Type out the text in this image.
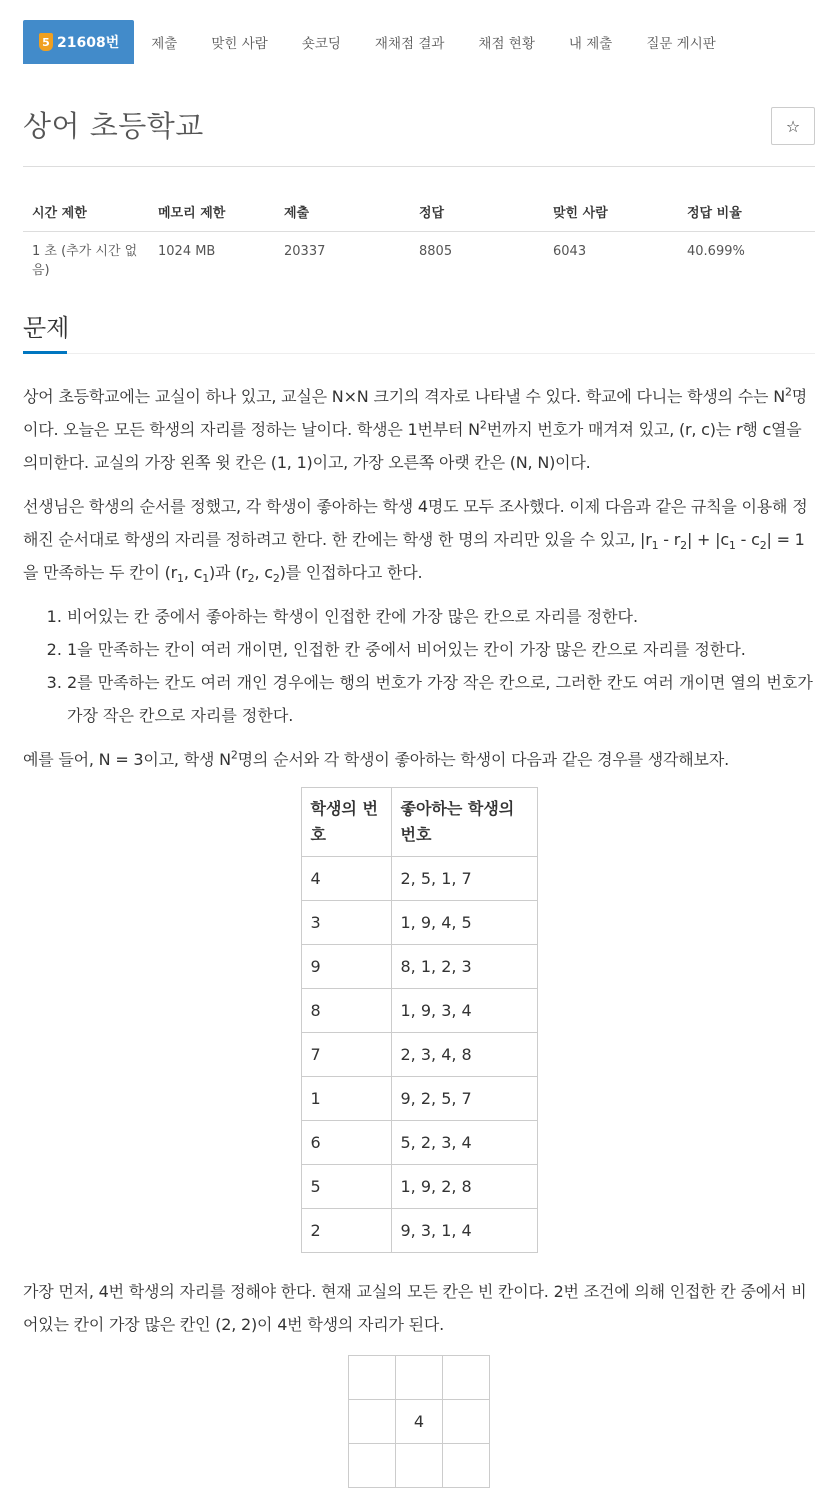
5 21608번	제출	맞힌 사람	숏코딩	재채점 결과	채점 현황	내 제출	질문 게시판
상어 초등학교	☆
시간 제한	메모리 제한	제출	정답	맞힌 사람	정답 비율
1 초 (추가 시간 없음)	1024 MB	20337	8805	6043	40.699%
문제

상어 초등학교에는 교실이 하나 있고, 교실은 N×N 크기의 격자로 나타낼 수 있다. 학교에 다니는 학생의 수는 $N^2$명이다. 오늘은 모든 학생의 자리를 정하는 날이다. 학생은 1번부터 $N^2$번까지 번호가 매겨져 있고, (r, c)는 r행 c열을 의미한다. 교실의 가장 왼쪽 윗 칸은 (1, 1)이고, 가장 오른쪽 아랫 칸은 (N, N)이다.

선생님은 학생의 순서를 정했고, 각 학생이 좋아하는 학생 4명도 모두 조사했다. 이제 다음과 같은 규칙을 이용해 정해진 순서대로 학생의 자리를 정하려고 한다. 한 칸에는 학생 한 명의 자리만 있을 수 있고, $|r_1 - r_2| + |c_1 - c_2| = 1$을 만족하는 두 칸이 ($r_1$, $c_1$)과 ($r_2$, $c_2$)를 인접하다고 한다.

1. 비어있는 칸 중에서 좋아하는 학생이 인접한 칸에 가장 많은 칸으로 자리를 정한다.
2. 1을 만족하는 칸이 여러 개이면, 인접한 칸 중에서 비어있는 칸이 가장 많은 칸으로 자리를 정한다.
3. 2를 만족하는 칸도 여러 개인 경우에는 행의 번호가 가장 작은 칸으로, 그러한 칸도 여러 개이면 열의 번호가 가장 작은 칸으로 자리를 정한다.

예를 들어, N = 3이고, 학생 $N^2$명의 순서와 각 학생이 좋아하는 학생이 다음과 같은 경우를 생각해보자.

학생의 번호	좋아하는 학생의 번호
4	2, 5, 1, 7
3	1, 9, 4, 5
9	8, 1, 2, 3
8	1, 9, 3, 4
7	2, 3, 4, 8
1	9, 2, 5, 7
6	5, 2, 3, 4
5	1, 9, 2, 8
2	9, 3, 1, 4

가장 먼저, 4번 학생의 자리를 정해야 한다. 현재 교실의 모든 칸은 빈 칸이다. 2번 조건에 의해 인접한 칸 중에서 비어있는 칸이 가장 많은 칸인 (2, 2)이 4번 학생의 자리가 된다.

	4	
